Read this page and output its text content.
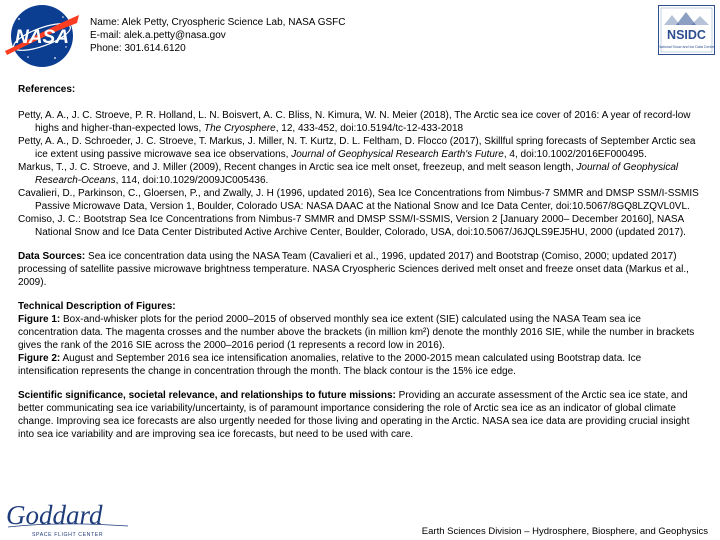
NASA
Name: Alek Petty, Cryospheric Science Lab, NASA GSFC
E-mail: alek.a.petty@nasa.gov
Phone: 301.614.6120
NSIDC
National Snow and Ice Data Center

References:

Petty, A. A., J. C. Stroeve, P. R. Holland, L. N. Boisvert, A. C. Bliss, N. Kimura, W. N. Meier (2018), The Arctic sea ice cover of 2016: A year of record-low highs and higher-than-expected lows, The Cryosphere, 12, 433-452, doi:10.5194/tc-12-433-2018

Petty, A. A., D. Schroeder, J. C. Stroeve, T. Markus, J. Miller, N. T. Kurtz, D. L. Feltham, D. Flocco (2017), Skillful spring forecasts of September Arctic sea ice extent using passive microwave sea ice observations, Journal of Geophysical Research Earth's Future, 4, doi:10.1002/2016EF000495.

Markus, T., J. C. Stroeve, and J. Miller (2009), Recent changes in Arctic sea ice melt onset, freezeup, and melt season length, Journal of Geophysical Research-Oceans, 114, doi:10.1029/2009JC005436.

Cavalieri, D., Parkinson, C., Gloersen, P., and Zwally, J. H (1996, updated 2016), Sea Ice Concentrations from Nimbus-7 SMMR and DMSP SSM/I-SSMIS Passive Microwave Data, Version 1, Boulder, Colorado USA: NASA DAAC at the National Snow and Ice Data Center, doi:10.5067/8GQ8LZQVL0VL.

Comiso, J. C.: Bootstrap Sea Ice Concentrations from Nimbus-7 SMMR and DMSP SSM/I-SSMIS, Version 2 [January 2000– December 20160], NASA National Snow and Ice Data Center Distributed Active Archive Center, Boulder, Colorado, USA, doi:10.5067/J6JQLS9EJ5HU, 2000 (updated 2017).

Data Sources: Sea ice concentration data using the NASA Team (Cavalieri et al., 1996, updated 2017) and Bootstrap (Comiso, 2000; updated 2017) processing of satellite passive microwave brightness temperature. NASA Cryospheric Sciences derived melt onset and freeze onset data (Markus et al., 2009).

Technical Description of Figures:

Figure 1: Box-and-whisker plots for the period 2000–2015 of observed monthly sea ice extent (SIE) calculated using the NASA Team sea ice concentration data. The magenta crosses and the number above the brackets (in million km²) denote the monthly 2016 SIE, while the number in brackets gives the rank of the 2016 SIE across the 2000–2016 period (1 represents a record low in 2016).

Figure 2: August and September 2016 sea ice intensification anomalies, relative to the 2000-2015 mean calculated using Bootstrap data. Ice intensification represents the change in concentration through the month. The black contour is the 15% ice edge.

Scientific significance, societal relevance, and relationships to future missions: Providing an accurate assessment of the Arctic sea ice state, and better communicating sea ice variability/uncertainty, is of paramount importance considering the role of Arctic sea ice as an indicator of global climate change. Improving sea ice forecasts are also urgently needed for those living and operating in the Arctic. NASA sea ice data are providing crucial insight into sea ice variability and are improving sea ice forecasts, but need to be used with care.

Goddard
SPACE FLIGHT CENTER	Earth Sciences Division – Hydrosphere, Biosphere, and Geophysics
